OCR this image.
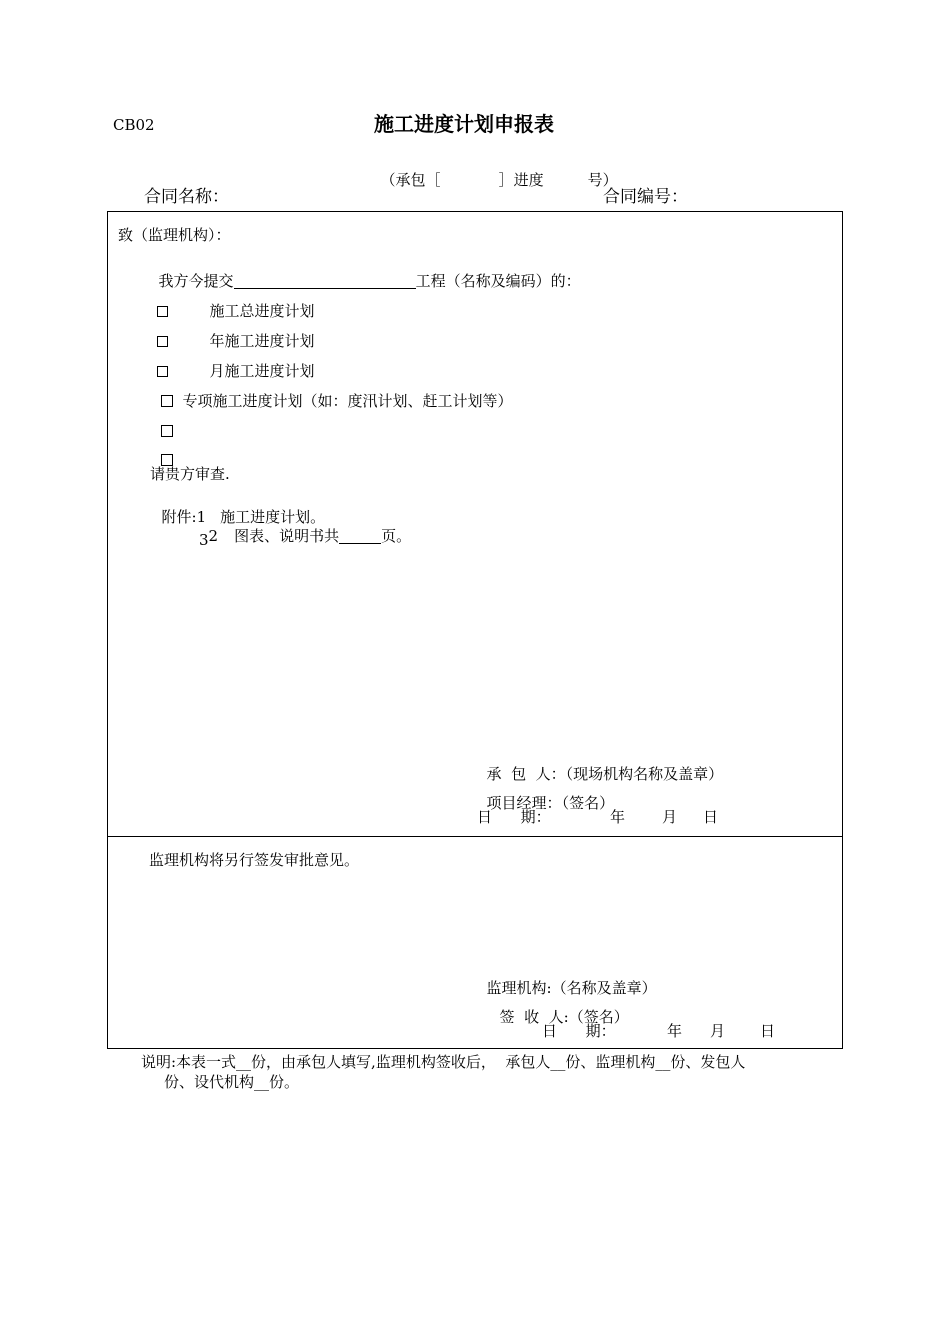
CB02	施工进度计划申报表

（承包［	］进度	号）

合同名称：	合同编号：
致（监理机构）：

我方今提交	工程（名称及编码）的：

施工总进度计划

年施工进度计划

月施工进度计划

专项施工进度计划（如：度汛计划、赶工计划等）

请贵方审查.

附件:1 施工进度计划。

2 图表、说明书共	页。

3

承  包  人：（现场机构名称及盖章）

项目经理：（签名）

日      期：	年 月 日
监理机构将另行签发审批意见。

监理机构:（名称及盖章）

签  收  人:（签名）

日      期：	年 月 日
说明:本表一式__份，由承包人填写,监理机构签收后，  承包人__份、监理机构__份、发包人
份、设代机构__份。
